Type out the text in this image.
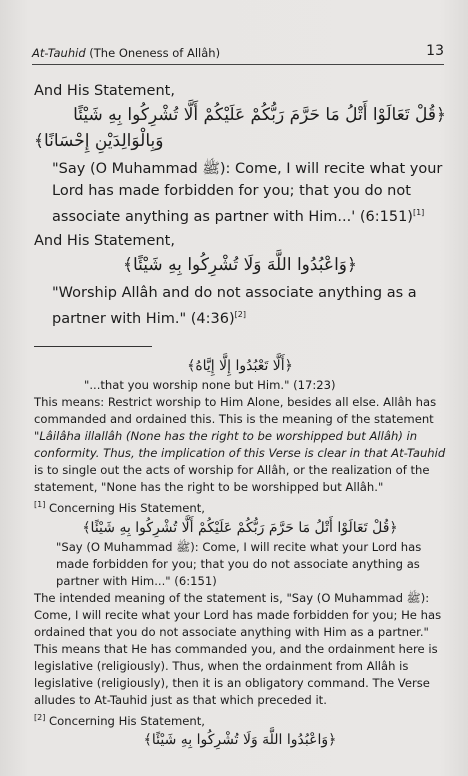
At-Tauhid (The Oneness of Allâh)	13

And His Statement,

﴿قُلْ تَعَالَوْا أَتْلُ مَا حَرَّمَ رَبُّكُمْ عَلَيْكُمْ أَلَّا تُشْرِكُوا بِهِ شَيْئًا

وَبِالْوَالِدَيْنِ إِحْسَانًا﴾

"Say (O Muhammad ﷺ): Come, I will recite what your Lord has made forbidden for you; that you do not associate anything as partner with Him...' (6:151)[1]

And His Statement,

﴿وَاعْبُدُوا اللَّهَ وَلَا تُشْرِكُوا بِهِ شَيْئًا﴾

"Worship Allâh and do not associate anything as a partner with Him." (4:36)[2]

﴿أَلَّا تَعْبُدُوا إِلَّا إِيَّاهُ﴾

"...that you worship none but Him." (17:23)

This means: Restrict worship to Him Alone, besides all else. Allâh has commanded and ordained this. This is the meaning of the statement "Lâilâha illallâh (None has the right to be worshipped but Allâh) in conformity. Thus, the implication of this Verse is clear in that At-Tauhid is to single out the acts of worship for Allâh, or the realization of the statement, "None has the right to be worshipped but Allâh."

[1] Concerning His Statement,

﴿قُلْ تَعَالَوْا أَتْلُ مَا حَرَّمَ رَبُّكُمْ عَلَيْكُمْ أَلَّا تُشْرِكُوا بِهِ شَيْئًا﴾

"Say (O Muhammad ﷺ): Come, I will recite what your Lord has made forbidden for you; that you do not associate anything as partner with Him..." (6:151)

The intended meaning of the statement is, "Say (O Muhammad ﷺ): Come, I will recite what your Lord has made forbidden for you; He has ordained that you do not associate anything with Him as a partner." This means that He has commanded you, and the ordainment here is legislative (religiously). Thus, when the ordainment from Allâh is legislative (religiously), then it is an obligatory command. The Verse alludes to At-Tauhid just as that which preceded it.

[2] Concerning His Statement,

﴿وَاعْبُدُوا اللَّهَ وَلَا تُشْرِكُوا بِهِ شَيْئًا﴾
